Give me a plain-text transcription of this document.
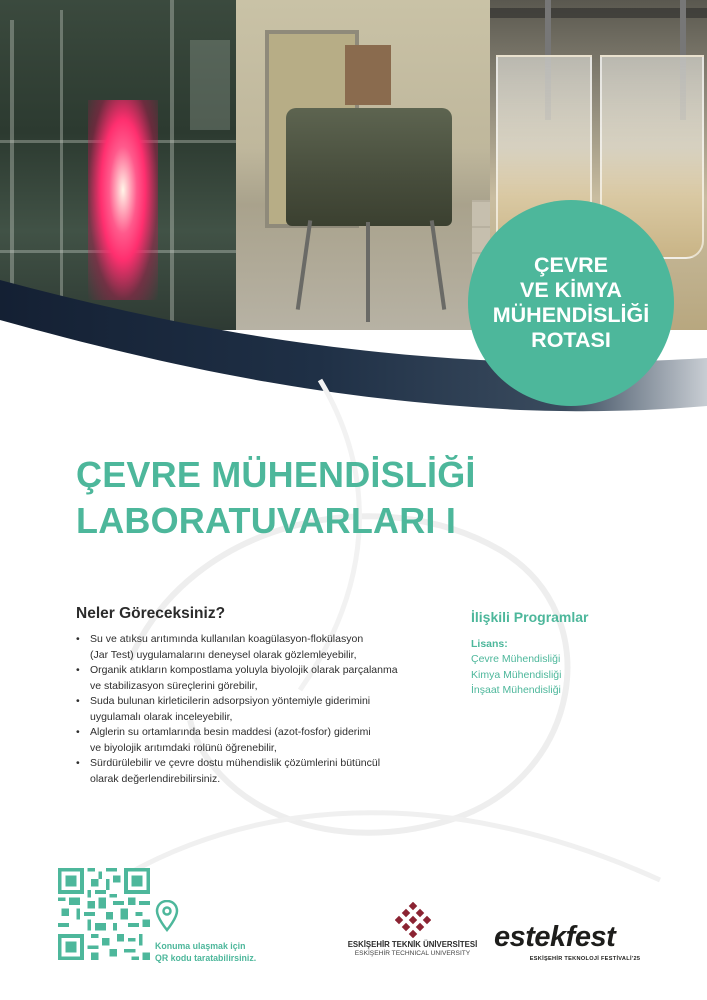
ÇEVRE
VE KİMYA
MÜHENDİSLİĞİ
ROTASI
ÇEVRE MÜHENDİSLİĞİ
LABORATUVARLARI I
Neler Göreceksiniz?
• Su ve atıksu arıtımında kullanılan koagülasyon-flokülasyon
(Jar Test) uygulamalarını deneysel olarak gözlemleyebilir,
• Organik atıkların kompostlama yoluyla biyolojik olarak parçalanma
ve stabilizasyon süreçlerini görebilir,
• Suda bulunan kirleticilerin adsorpsiyon yöntemiyle giderimini
uygulamalı olarak inceleyebilir,
• Alglerin su ortamlarında besin maddesi (azot-fosfor) giderimi
ve biyolojik arıtımdaki rolünü öğrenebilir,
• Sürdürülebilir ve çevre dostu mühendislik çözümlerini bütüncül
olarak değerlendirebilirsiniz.
İlişkili Programlar
Lisans:
Çevre Mühendisliği
Kimya Mühendisliği
İnşaat Mühendisliği
Konuma ulaşmak için
QR kodu taratabilirsiniz.
ESKİŞEHİR TEKNİK ÜNİVERSİTESİ
ESKİŞEHİR TECHNICAL UNIVERSITY
estekfest
ESKİŞEHİR TEKNOLOJİ FESTİVALİ'25
